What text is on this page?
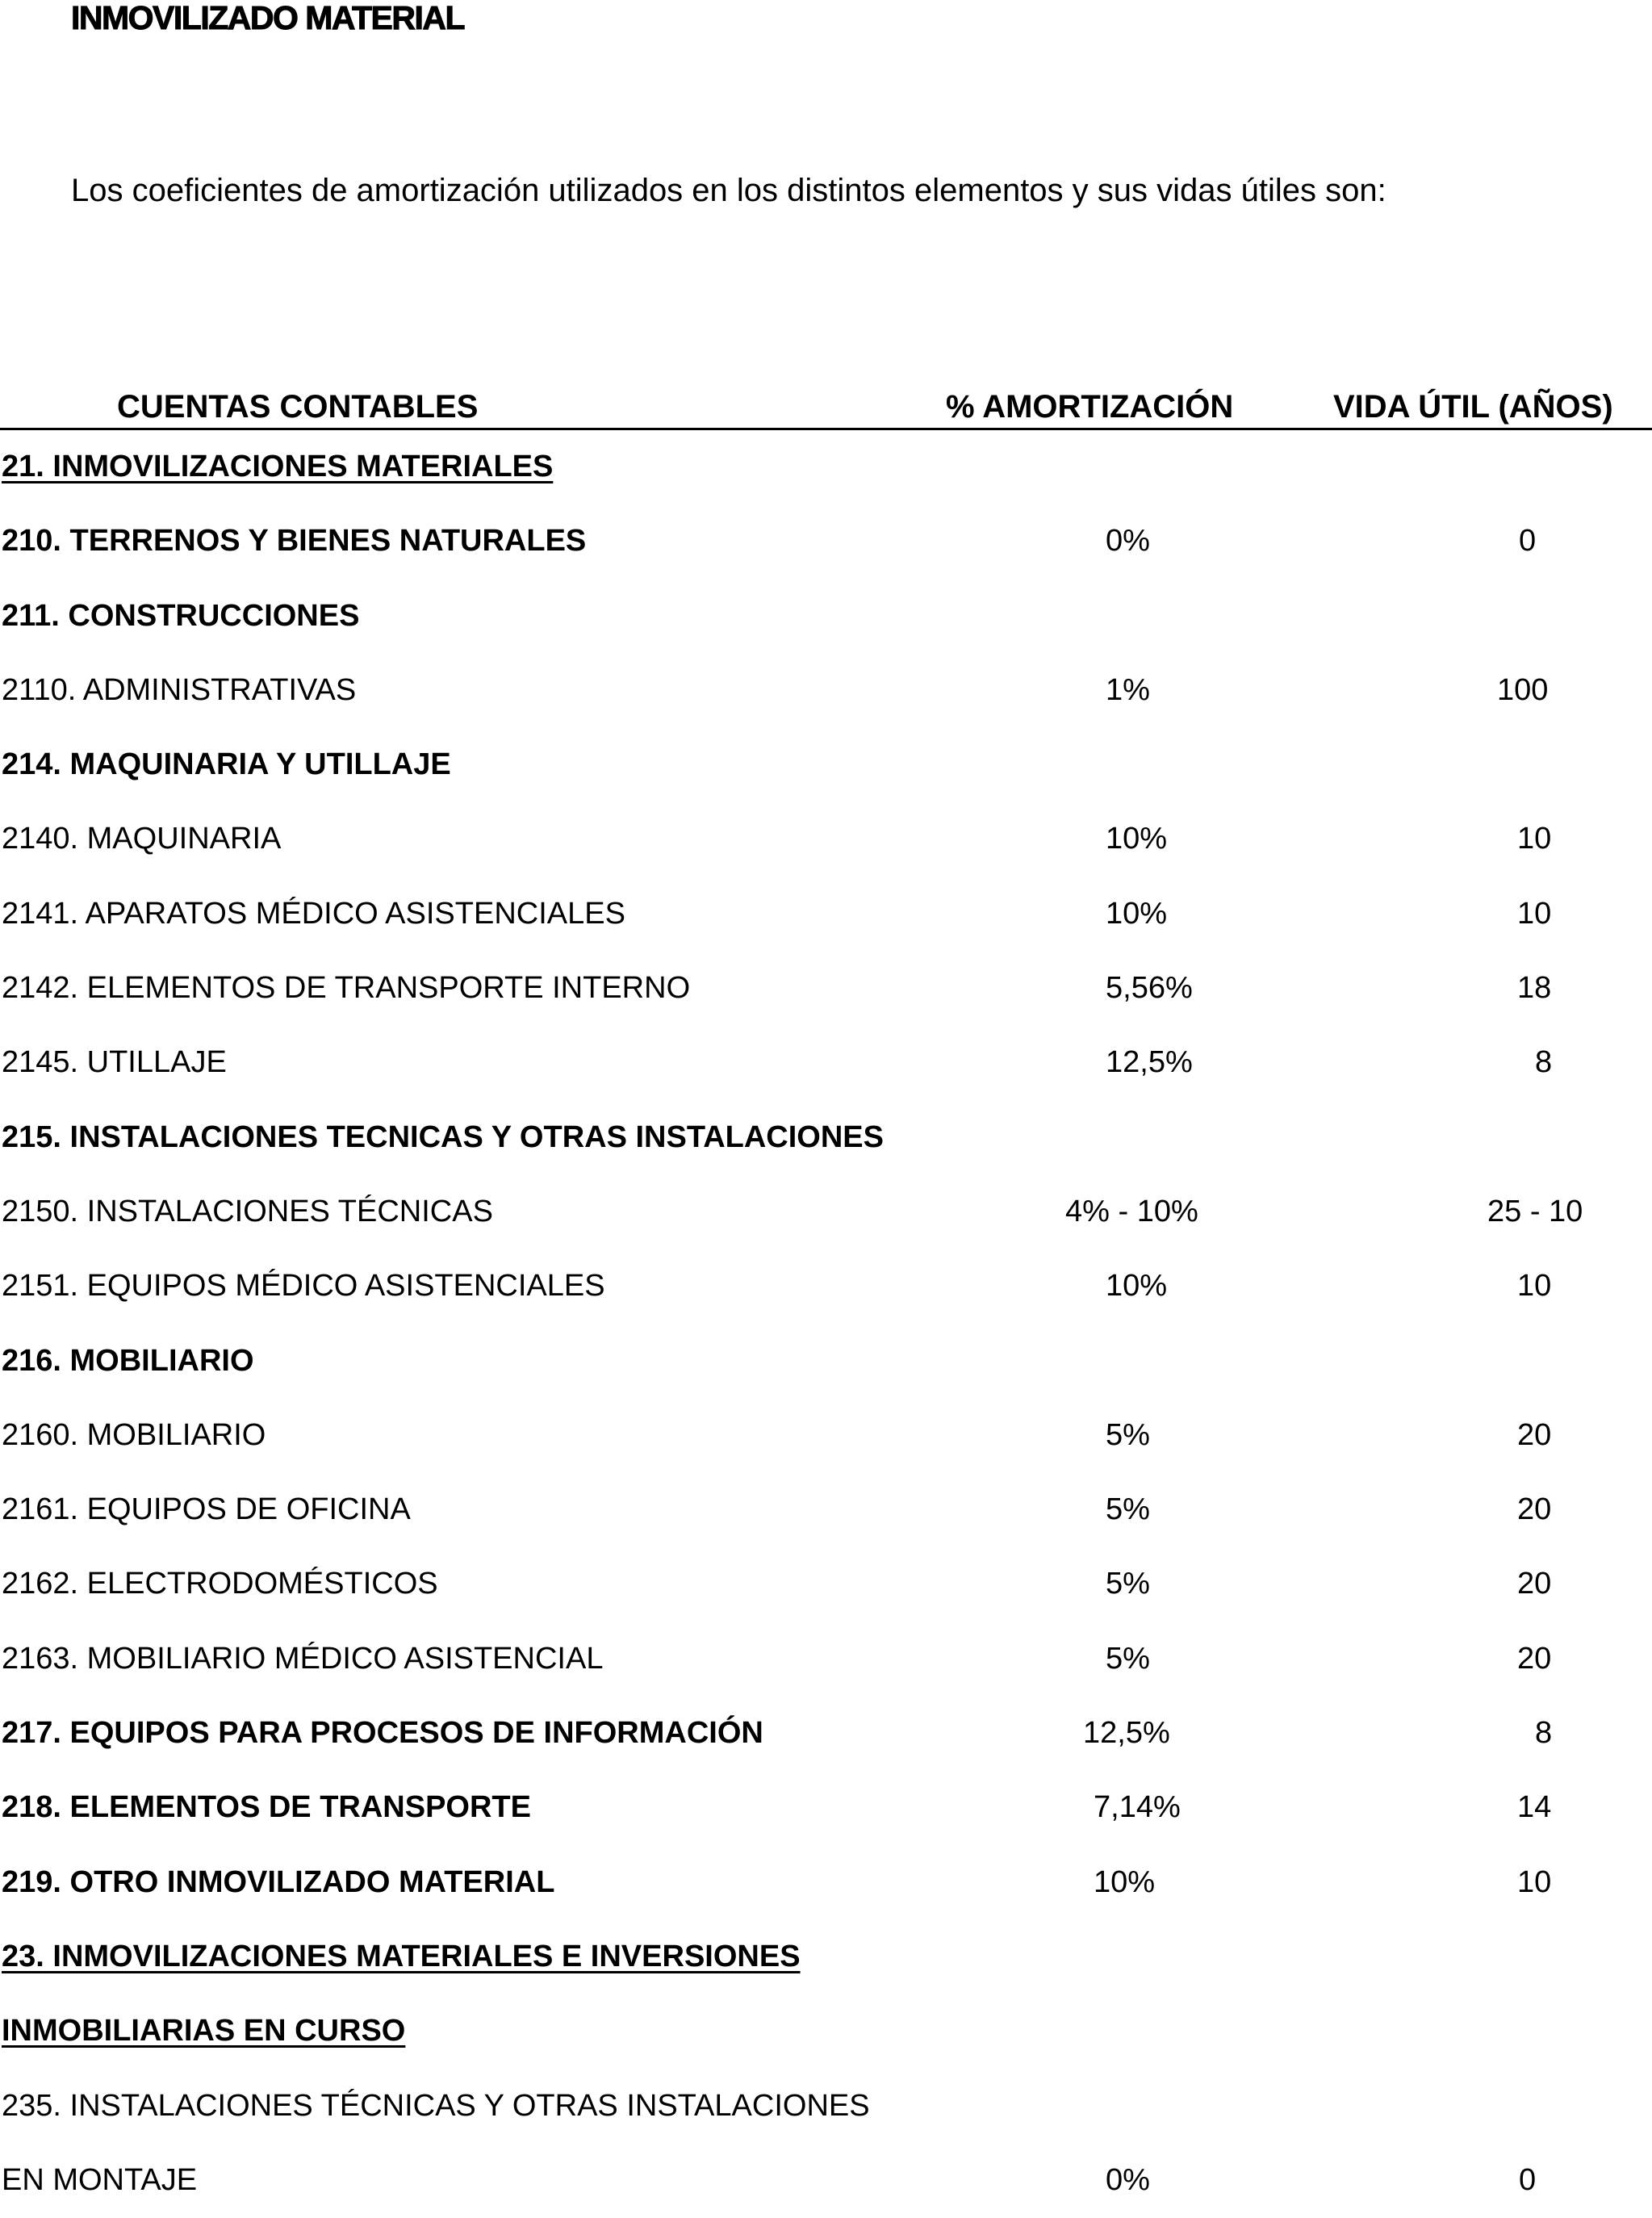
INMOVILIZADO MATERIAL

Los coeficientes de amortización utilizados en los distintos elementos y sus vidas útiles son:

CUENTAS CONTABLES	% AMORTIZACIÓN	VIDA ÚTIL (AÑOS)
21. INMOVILIZACIONES MATERIALES
210. TERRENOS Y BIENES NATURALES	0%	0
211. CONSTRUCCIONES
2110. ADMINISTRATIVAS	1%	100
214. MAQUINARIA Y UTILLAJE
2140. MAQUINARIA	10%	10
2141. APARATOS MÉDICO ASISTENCIALES	10%	10
2142. ELEMENTOS DE TRANSPORTE INTERNO	5,56%	18
2145. UTILLAJE	12,5%	8
215. INSTALACIONES TECNICAS Y OTRAS INSTALACIONES
2150. INSTALACIONES TÉCNICAS	4% - 10%	25 - 10
2151. EQUIPOS MÉDICO ASISTENCIALES	10%	10
216. MOBILIARIO
2160. MOBILIARIO	5%	20
2161. EQUIPOS DE OFICINA	5%	20
2162. ELECTRODOMÉSTICOS	5%	20
2163. MOBILIARIO MÉDICO ASISTENCIAL	5%	20
217. EQUIPOS PARA PROCESOS DE INFORMACIÓN	12,5%	8
218. ELEMENTOS DE TRANSPORTE	7,14%	14
219. OTRO INMOVILIZADO MATERIAL	10%	10
23. INMOVILIZACIONES MATERIALES E INVERSIONES
INMOBILIARIAS EN CURSO
235. INSTALACIONES TÉCNICAS Y OTRAS INSTALACIONES
EN MONTAJE	0%	0
